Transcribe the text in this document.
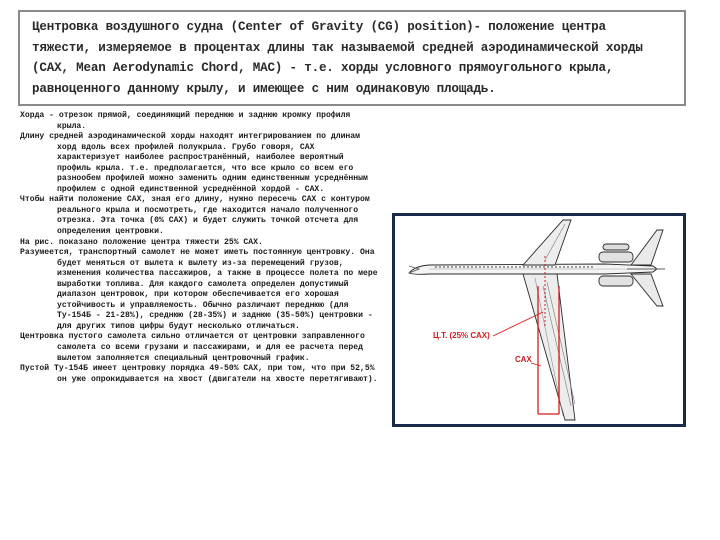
Центровка воздушного судна (Center of Gravity (CG) position)- положение центра тяжести, измеряемое в процентах длины так называемой средней аэродинамической хорды (САХ, Mean Aerodynamic Chord, MAC) - т.е. хорды условного прямоугольного крыла, равноценного данному крылу, и имеющее с ним одинаковую площадь.

Хорда - отрезок прямой, соединяющий переднюю и заднюю кромку профиля крыла.

Длину средней аэродинамической хорды находят интегрированием по длинам хорд вдоль всех профилей полукрыла. Грубо говоря, САХ характеризует наиболее распространённый, наиболее вероятный профиль крыла. т.е. предполагается, что все крыло со всем его разнообем профилей можно заменить одним единственным усреднённым профилем с одной единственной усреднённой хордой - САХ.

Чтобы найти положение САХ, зная его длину, нужно пересечь САХ с контуром реального крыла и посмотреть, где находится начало полученного отрезка. Эта точка (0% САХ) и будет служить точкой отсчета для определения центровки.

На рис. показано положение центра тяжести 25% САХ.

Разумеется, транспортный самолет не может иметь постоянную центровку. Она будет меняться от вылета к вылету из-за перемещений грузов, изменения количества пассажиров, а также в процессе полета по мере выработки топлива. Для каждого самолета определен допустимый диапазон центровок, при котором обеспечивается его хорошая устойчивость и управляемость. Обычно различают переднюю (для Ту-154Б - 21-28%), среднюю (28-35%) и заднюю (35-50%) центровки - для других типов цифры будут несколько отличаться.

Центровка пустого самолета сильно отличается от центровки заправленного самолета со всеми грузами и пассажирами, и для ее расчета перед вылетом заполняется специальный центровочный график.

Пустой Ту-154Б имеет центровку порядка 49-50% САХ, при том, что при 52,5% он уже опрокидывается на хвост (двигатели на хвосте перетягивают).

Ц.Т. (25% САХ)
САХ
